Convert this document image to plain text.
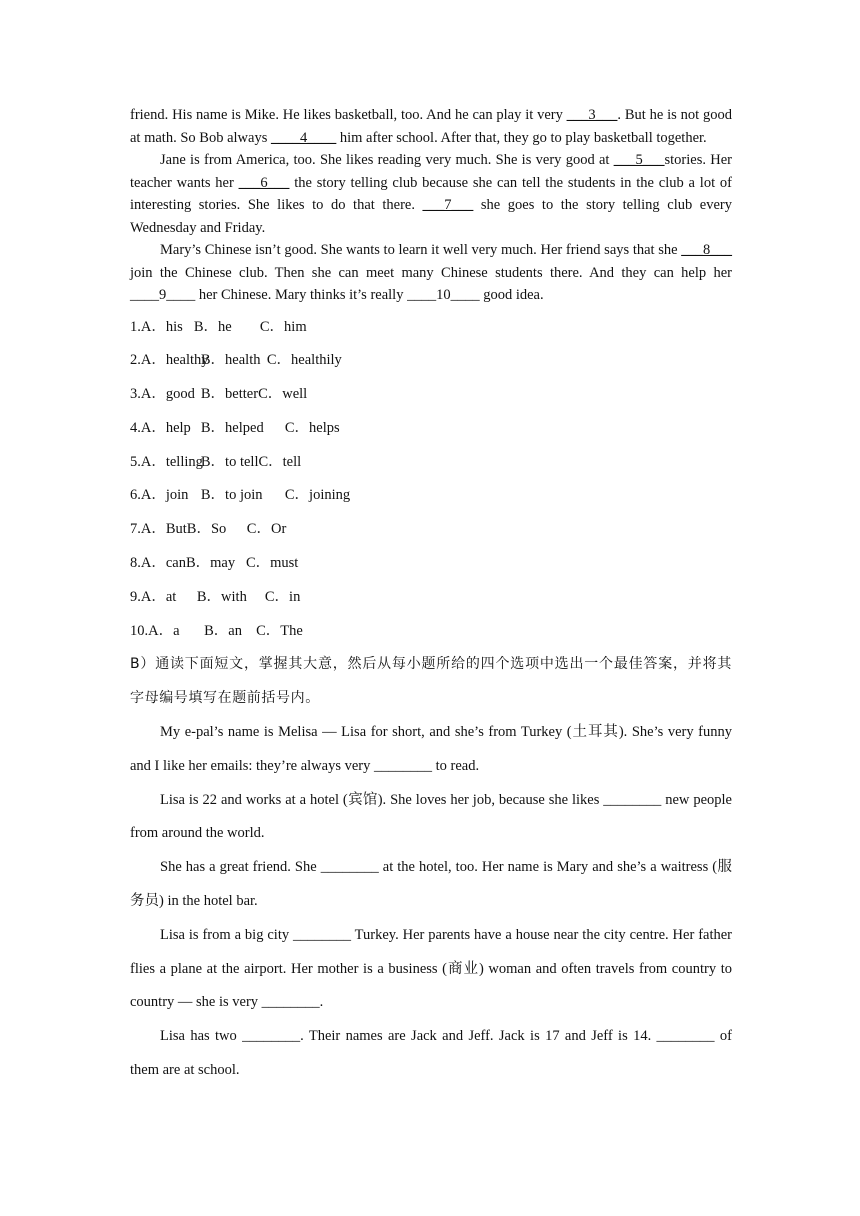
friend. His name is Mike. He likes basketball, too. And he can play it very ___3___. But he is not good at math. So Bob always ____4____ him after school. After that, they go to play basketball together.

Jane is from America, too. She likes reading very much. She is very good at ___5___stories. Her teacher wants her ___6___ the story telling club because she can tell the students in the club a lot of interesting stories. She likes to do that there. ___7___ she goes to the story telling club every Wednesday and Friday.

Mary’s Chinese isn’t good. She wants to learn it well very much. Her friend says that she ___8___ join the Chinese club. Then she can meet many Chinese students there. And they can help her ____9____ her Chinese. Mary thinks it’s really ____10____ good idea.

1.A．his B．he C．him
2.A．healthyB．health C．healthily
3.A．good B．betterC．well
4.A．help B．helped C．helps
5.A．tellingB．to tellC．tell
6.A．join B．to join C．joining
7.A．ButB．So C．Or
8.A．canB．may C．must
9.A．at B．with C．in
10.A．a B．an C．The

B）通读下面短文，掌握其大意，然后从每小题所给的四个选项中选出一个最佳答案，并将其字母编号填写在题前括号内。

My e-pal’s name is Melisa — Lisa for short, and she’s from Turkey (土耳其). She’s very funny and I like her emails: they’re always very ________ to read.

Lisa is 22 and works at a hotel (宾馆). She loves her job, because she likes ________ new people from around the world.

She has a great friend. She ________ at the hotel, too. Her name is Mary and she’s a waitress (服务员) in the hotel bar.

Lisa is from a big city ________ Turkey. Her parents have a house near the city centre. Her father flies a plane at the airport. Her mother is a business (商业) woman and often travels from country to country — she is very ________.

Lisa has two ________. Their names are Jack and Jeff. Jack is 17 and Jeff is 14. ________ of them are at school.
